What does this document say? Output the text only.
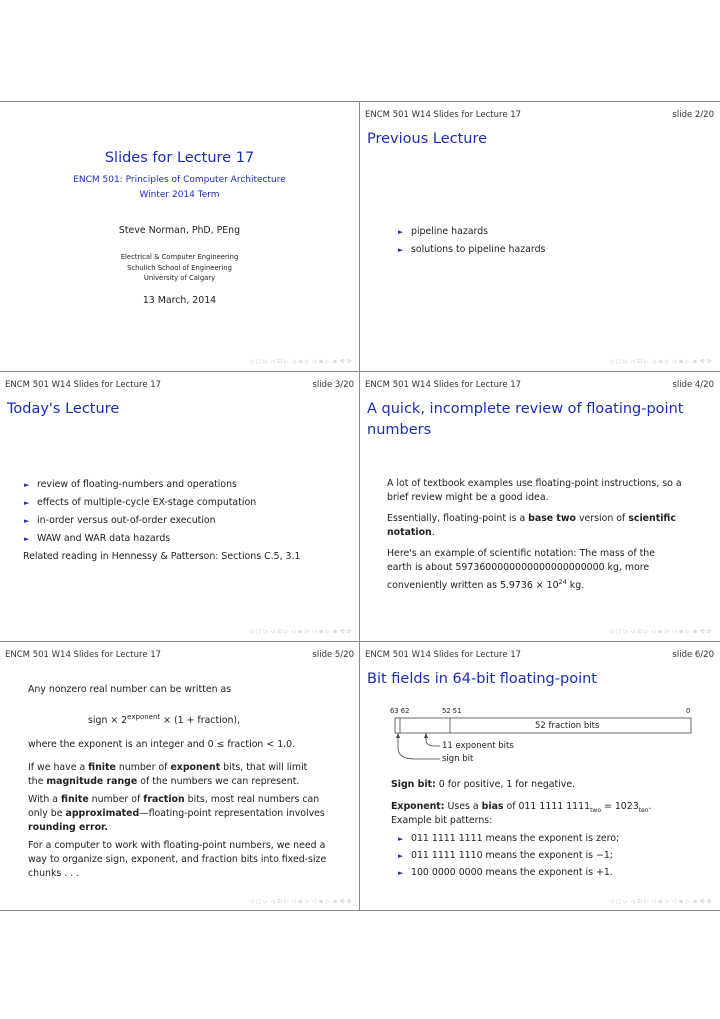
Slides for Lecture 17
ENCM 501: Principles of Computer Architecture
Winter 2014 Term
Steve Norman, PhD, PEng
Electrical & Computer Engineering
Schulich School of Engineering
University of Calgary
13 March, 2014
◁ ▢ ▷ ◁ ⊡ ▷ ◁ ≡ ▷ ◁ ≡ ▷ ≡ ⟲ ⟳
ENCM 501 W14 Slides for Lecture 17	slide 2/20
Previous Lecture
► pipeline hazards
► solutions to pipeline hazards
◁ ▢ ▷ ◁ ⊡ ▷ ◁ ≡ ▷ ◁ ≡ ▷ ≡ ⟲ ⟳
ENCM 501 W14 Slides for Lecture 17	slide 3/20
Today's Lecture
► review of floating-numbers and operations
► effects of multiple-cycle EX-stage computation
► in-order versus out-of-order execution
► WAW and WAR data hazards
Related reading in Hennessy & Patterson: Sections C.5, 3.1
◁ ▢ ▷ ◁ ⊡ ▷ ◁ ≡ ▷ ◁ ≡ ▷ ≡ ⟲ ⟳
ENCM 501 W14 Slides for Lecture 17	slide 4/20
A quick, incomplete review of floating-point
numbers
A lot of textbook examples use floating-point instructions, so a brief review might be a good idea.
Essentially, floating-point is a base two version of scientific notation.
Here's an example of scientific notation: The mass of the
earth is about 5973600000000000000000000 kg, more
conveniently written as $5.9736 \times 10^{24}$ kg.
◁ ▢ ▷ ◁ ⊡ ▷ ◁ ≡ ▷ ◁ ≡ ▷ ≡ ⟲ ⟳
ENCM 501 W14 Slides for Lecture 17	slide 5/20
Any nonzero real number can be written as
sign × $2^{exponent} \times (1$ + fraction),
where the exponent is an integer and 0 ≤ fraction < 1.0.
If we have a finite number of exponent bits, that will limit
the magnitude range of the numbers we can represent.
With a finite number of fraction bits, most real numbers can
only be approximated—floating-point representation involves
rounding error.
For a computer to work with floating-point numbers, we need a way to organize sign, exponent, and fraction bits into fixed-size chunks . . .
◁ ▢ ▷ ◁ ⊡ ▷ ◁ ≡ ▷ ◁ ≡ ▷ ≡ ⟲ ⟳
ENCM 501 W14 Slides for Lecture 17	slide 6/20
Bit fields in 64-bit floating-point
63 62	52 51	0
52 fraction bits
11 exponent bits
sign bit
Sign bit: 0 for positive, 1 for negative.
Exponent: Uses a bias of 011 1111 $1111_{two} = 1023_{ten}$.
Example bit patterns:
► 011 1111 1111 means the exponent is zero;
► 011 1111 1110 means the exponent is −1;
► 100 0000 0000 means the exponent is +1.
◁ ▢ ▷ ◁ ⊡ ▷ ◁ ≡ ▷ ◁ ≡ ▷ ≡ ⟲ ⟳
